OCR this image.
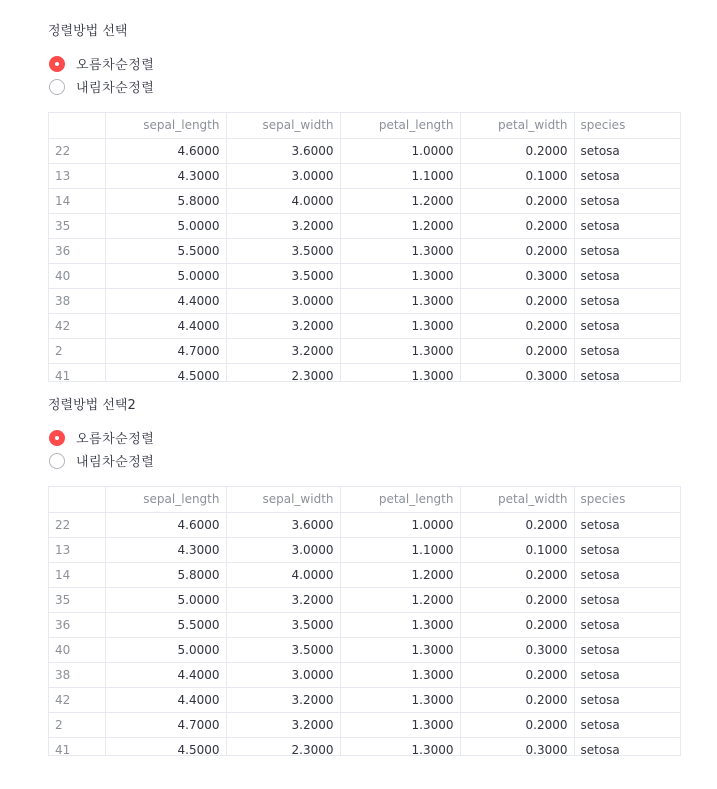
정렬방법 선택
오름차순정렬
내림차순정렬
	sepal_length	sepal_width	petal_length	petal_width	species
22	4.6000	3.6000	1.0000	0.2000	setosa
13	4.3000	3.0000	1.1000	0.1000	setosa
14	5.8000	4.0000	1.2000	0.2000	setosa
35	5.0000	3.2000	1.2000	0.2000	setosa
36	5.5000	3.5000	1.3000	0.2000	setosa
40	5.0000	3.5000	1.3000	0.3000	setosa
38	4.4000	3.0000	1.3000	0.2000	setosa
42	4.4000	3.2000	1.3000	0.2000	setosa
2	4.7000	3.2000	1.3000	0.2000	setosa
41	4.5000	2.3000	1.3000	0.3000	setosa
정렬방법 선택2
오름차순정렬
내림차순정렬
	sepal_length	sepal_width	petal_length	petal_width	species
22	4.6000	3.6000	1.0000	0.2000	setosa
13	4.3000	3.0000	1.1000	0.1000	setosa
14	5.8000	4.0000	1.2000	0.2000	setosa
35	5.0000	3.2000	1.2000	0.2000	setosa
36	5.5000	3.5000	1.3000	0.2000	setosa
40	5.0000	3.5000	1.3000	0.3000	setosa
38	4.4000	3.0000	1.3000	0.2000	setosa
42	4.4000	3.2000	1.3000	0.2000	setosa
2	4.7000	3.2000	1.3000	0.2000	setosa
41	4.5000	2.3000	1.3000	0.3000	setosa
